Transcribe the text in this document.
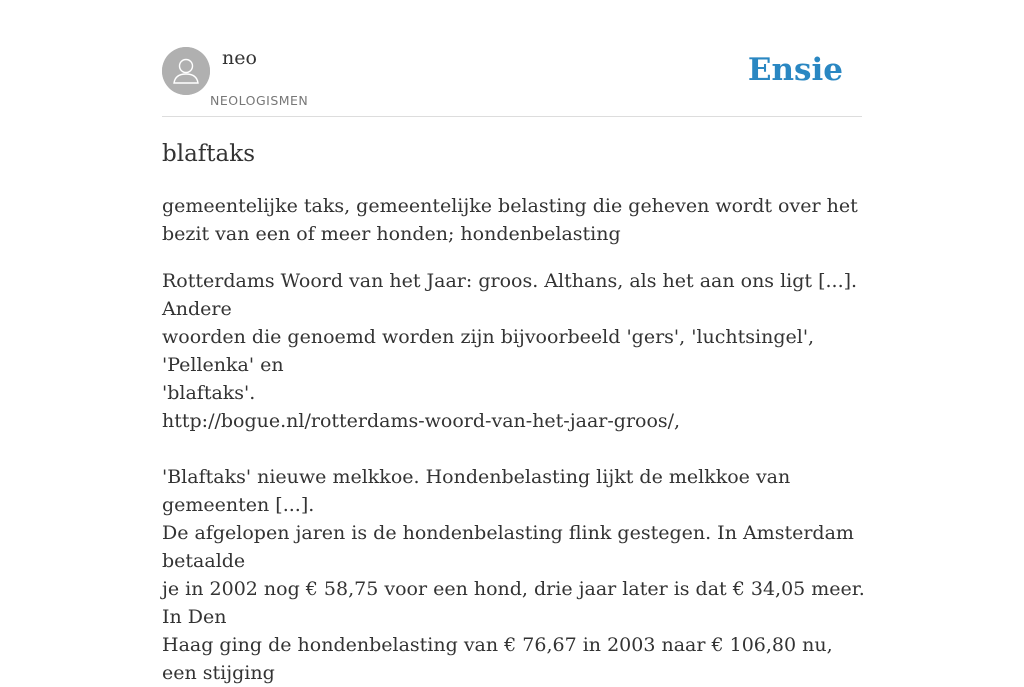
neo
NEOLOGISMEN
Ensie
blaftaks

gemeentelijke taks, gemeentelijke belasting die geheven wordt over het bezit van een of meer honden; hondenbelasting

Rotterdams Woord van het Jaar: groos. Althans, als het aan ons ligt [...]. Andere
woorden die genoemd worden zijn bijvoorbeeld 'gers', 'luchtsingel', 'Pellenka' en
'blaftaks'.
http://bogue.nl/rotterdams-woord-van-het-jaar-groos/,
'Blaftaks' nieuwe melkkoe. Hondenbelasting lijkt de melkkoe van gemeenten [...].
De afgelopen jaren is de hondenbelasting flink gestegen. In Amsterdam betaalde
je in 2002 nog € 58,75 voor een hond, drie jaar later is dat € 34,05 meer. In Den
Haag ging de hondenbelasting van € 76,67 in 2003 naar € 106,80 nu, een stijging
